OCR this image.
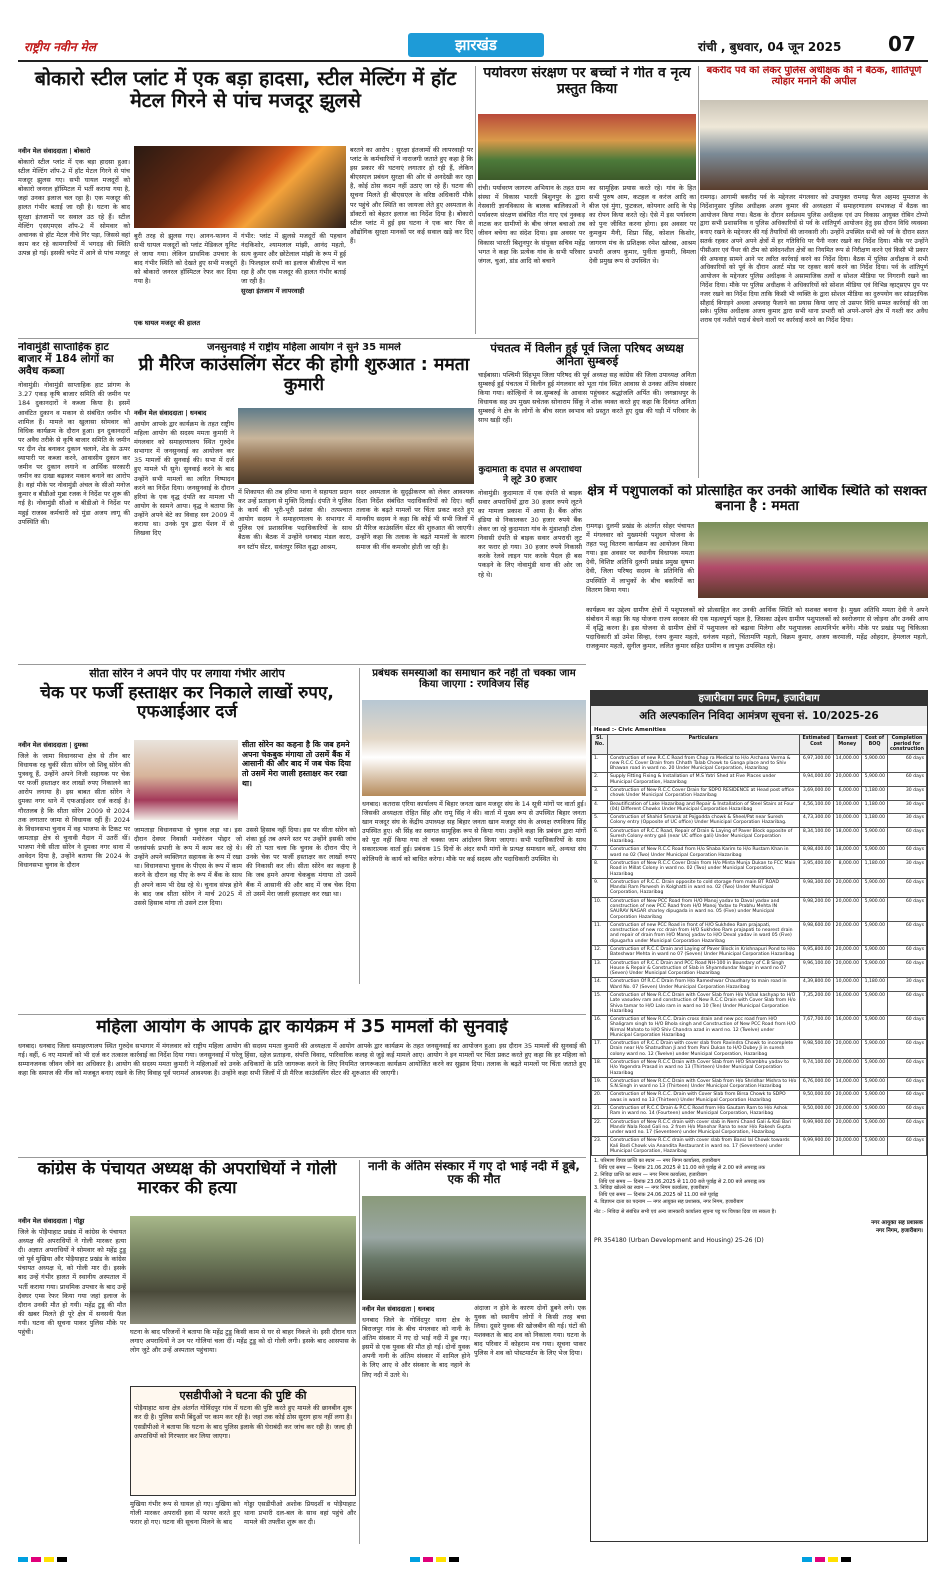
राष्ट्रीय नवीन मेल	झारखंड	रांची , बुधवार, 04 जून 2025 07
बोकारो स्टील प्लांट में एक बड़ा हादसा, स्टील मेल्टिंग में हॉट मेटल गिरने से पांच मजदूर झुलसे
नवीन मेल संवाददाता | बोकारो
बोकारो स्टील प्लांट में एक बड़ा हादसा हुआ। स्टील मेल्टिंग शॉप-2 में हॉट मेटल गिरने से पांच मजदूर झुलस गए। सभी घायल मजदूरों को बोकारो जनरल हॉस्पिटल में भर्ती कराया गया है, जहां उनका इलाज चल रहा है। एक मजदूर की हालत गंभीर बताई जा रही है। घटना के बाद सुरक्षा इंतजामों पर सवाल उठ रहे हैं। स्टील मेल्टिंग एसएमएस शॉप-2 में सोमवार को अचानक से हॉट मेटल नीचे गिर पड़ा, जिससे वहां काम कर रहे कामगारियों में भगदड़ की स्थिति उत्पन्न हो गई। इसकी चपेट में आने से पांच मजदूर
बुरी तरह से झुलस गए। आनन-फानन में सभी घायल मजदूरों को प्लांट मेडिकल यूनिट ले जाया गया। लेकिन प्राथमिक उपचार के बाद गंभीर स्थिति को देखते हुए सभी मजदूरों को बोकारो जनरल हॉस्पिटल रेफर कर दिया गया है।
गंभीर: प्लांट में झुलसे मजदूरों की पहचान नंदकिशोर, श्यामलाल मांझी, आनंद महतो, सत्य कुमार और छोटेलाल मांझी के रूप में हुई है। फिलहाल सभी का इलाज बीजीएच में चल रहा है और एक मजदूर की हालत गंभीर बताई जा रही है।
सुरक्षा इंतजाम में लापरवाही
बरतने का आरोप : सुरक्षा इंतजामों की लापरवाही पर प्लांट के कर्मचारियों ने नाराजगी जताते हुए कहा है कि इस प्रकार की घटनाएं लगातार हो रही हैं, लेकिन बीएसएल प्रबंधन सुरक्षा की ओर से अनदेखी कर रहा है, कोई ठोस कदम नहीं उठाए जा रहे हैं। घटना की सूचना मिलते ही बीएसएल के वरिष्ठ अधिकारी मौके पर पहुंचे और स्थिति का जायजा लेते हुए अस्पताल के डॉक्टरों को बेहतर इलाज का निर्देश दिया है। बोकारो स्टील प्लांट में हुई इस घटना ने एक बार फिर से औद्योगिक सुरक्षा मानकों पर कई सवाल खड़े कर दिए हैं।
एक घायल मजदूर की हालत
नोवामुंडी साप्ताहिक हाट बाजार में 184 लोगों का अवैध कब्जा
नोवामुंडी। नोवामुंडी साप्ताहिक हाट प्रांगण के 3.27 एकड़ कृषि बाजार समिति की जमीन पर 184 दुकानदारों ने कब्जा किया है। इसमें आवंटित दुकान व मकान से संबंधित जमीन भी शामिल हैं। मामले का खुलासा सोमवार को विधिक कार्यक्रम के दौरान हुआ। इन दुकानदारों पर अवैध तरीके से कृषि बाजार समिति के जमीन पर दीन शेड बनाकर दुकान चलाने, शेड के ऊपर व्यापारी पर कब्जा करने, आवासीय दुकान कर जमीन पर दुकान लगाने व आर्थिक सरकारी जमीन का दाखा बढ़ाकर मकान बनाने का आरोप है। वहां मौके पर नोवामुंडी अंचल के सीओ मनोज कुमार व बीडीओ मुन्ना रजक ने निर्देश पर शुरू की गई है। नोवामुंडी सीओ व बीडीओ ने निर्देश पर महुई राजस्व कर्मचारी को मुंडा अजय लागू की उपस्थिति की।
पर्यावरण संरक्षण पर बच्चों ने गीत व नृत्य प्रस्तुत किया
रांची। पर्यावरण जागरण अभियान के तहत ग्राम संस्था में विकास भारती बिशुनपुर के द्वारा गेसवारी ज्ञानविकास के बालक बालिकाओं ने पर्यावरण संरक्षण संबंधित गीत गाए एवं नुक्कड़ नाटक कर ग्रामीणों के बीच जंगल बचाओ तब जीवन बचेगा का संदेश दिया। इस अवसर पर विकास भारती बिशुनपुर के संयुक्त सचिव महेंद्र भगत ने कहा कि प्रत्येक गांव के सभी परिवार जंगल, चुआं, डांड आदि को बचाने
का सामूहिक प्रयास करते रहे। गांव के हित सभी पुरुष आम, कटहल व करंज आदि का बीज एवं मुंगा, फुटकल, कोयनार आदि के पेड़ का रोपन किया करते रहे। ऐसे में इस पर्यावरण को पुनः जीवित करना होगा। इस अवसर पर कुमकुम मैनी, शिप्रा सिंह, कोशल किशोर, जागरण मंच के प्रशिक्षक रमेश खोरबा, आश्रम प्रभारी अजय कुमार, पुनीता कुमारी, विमला देवी प्रमुख रूप से उपस्थित थे।
पंचतत्व में विलीन हुई पूर्व जिला परिषद अध्यक्ष अनिता सुम्बरुई
चाईबासा। पश्चिमी सिंहभूम जिला परिषद की पूर्व अध्यक्ष सह कांग्रेस की जिला उपाध्यक्ष अनिता सुम्बरुई हुई पंचतत्व में विलीन हुई मंगलवार को भूता गांव स्थित आवास से उनका अंतिम संस्कार किया गया। कोल्हिनों ने स्व.सुम्बरुई के आवास पहुंचकर श्रद्धांजलि अर्पित की। जगन्नाथपुर के विधायक सह उप मुख्य सचेतक सोनाराम सिंकू ने शोक व्यक्त करते हुए कहा कि दिवंगत अनिता सुम्बरुई ने क्षेत्र के लोगों के बीच सरल स्वभाव को प्रस्तुत करते हुए दुख की घड़ी में परिवार के साथ खड़ी रहीं।
बकरीद पर्व को लेकर पुलिस अधीक्षक की ने बैठक, शांतिपूर्ण त्योहार मनाने की अपील
रामगढ़। आगामी बकरीद पर्व के मद्देनजर मंगलवार को उपायुक्त रामगढ़ फैज अहमद मुमताज के निर्देशानुसार पुलिस अधीक्षक अजय कुमार की अध्यक्षता में समाहरणालय सभाकक्ष में बैठक का आयोजन किया गया। बैठक के दौरान सर्वप्रथम पुलिस अधीक्षक एवं उप विकास आयुक्त रोबिन टोप्पो द्वारा सभी प्रशासनिक व पुलिस अधिकारियों से पर्व के शांतिपूर्ण आयोजन हेतु इस दौरान विधि व्यवस्था बनाए रखने के मद्देनजर की गई तैयारियों की जानकारी ली। उन्होंने उपस्थित सभी को पर्व के दौरान सतत सतर्क रहकर अपने अपने क्षेत्रों में हर गतिविधि पर पैनी नजर रखने का निर्देश दिया। मौके पर उन्होंने पीसीआर एवं पैंथर की टीम को संवेदनशील क्षेत्रों का नियमित रूप से निरीक्षण करने एवं किसी भी प्रकार की अफवाह सामने आने पर त्वरित कार्रवाई करने का निर्देश दिया। बैठक में पुलिस अधीक्षक ने सभी अधिकारियों को पूर्व के दौरान अलर्ट मोड पर रहकर कार्य करने का निर्देश दिया। पर्व के शांतिपूर्ण आयोजन के मद्देनजर पुलिस अधीक्षक ने असामाजिक तत्वों व सोशल मीडिया पर निगरानी रखने का निर्देश दिया। मौके पर पुलिस अधीक्षक ने अधिकारियों को सोशल मीडिया एवं विभिन्न व्हाट्सएप ग्रुप पर नजर रखने का निर्देश दिया ताकि किसी भी व्यक्ति के द्वारा सोशल मीडिया का दुरुपयोग कर सांप्रदायिक सौहार्द बिगाड़ने अथवा अफवाह फैलाने का प्रयास किया जाए तो उसपर विधि सम्मत कार्रवाई की जा सके। पुलिस अधीक्षक अजय कुमार द्वारा सभी थाना प्रभारी को अपने-अपने क्षेत्र में गश्ती कर अवैध शराब एवं नशीले पदार्थ बेचने वालों पर कार्रवाई करने का निर्देश दिया।
जनसुनवाई में राष्ट्रीय महिला आयोग ने सुने 35 मामले
प्री मैरिज काउंसलिंग सेंटर की होगी शुरुआत : ममता कुमारी
नवीन मेल संवाददाता | धनबाद
आयोग आपके द्वार कार्यक्रम के तहत राष्ट्रीय महिला आयोग की सदस्य ममता कुमारी ने मंगलवार को समाहरणालय स्थित गुरुदेव सभागार में जनसुनवाई का आयोजन कर 35 मामलों की सुनवाई की। सभा में दर्ज हुए मामले भी सुने। सुनवाई करने के बाद उन्होंने सभी मामलों का त्वरित निष्पादन करने का निर्देश दिया। जनसुनवाई के दौरान हरियां के एक वृद्ध दंपति का मामला भी आयोग के सामने आया। वृद्ध ने बताया कि उन्होंने अपने बेटे का विवाह सन 2009 में कराया था। उनके पुत्र द्वारा पेंशन में से लिखवा दिए
में शिकायत की तब हरिया थाना ने सहायता प्रदान कर उन्हें प्रताड़ना से मुक्ति दिलाई। दंपति ने पुलिस के कार्य की भूरी-भूरी प्रशंसा की। तत्पश्चात आयोग सदस्य ने समाहरणालय के सभागार में पुलिस एवं प्रशासनिक पदाधिकारियों के साथ बैठक की। बैठक में उन्होंने धनबाद मंडल कारा, वन स्टॉप सेंटर, सवंतपुर स्थित वृद्धा आश्रम,
सदर अस्पताल के सुदृढ़ीकरण को लेकर आवश्यक दिशा निर्देश संबंधित पदाधिकारियों को दिए। वहीं तलाक के बढ़ते मामलों पर चिंता प्रकट करते हुए मानवीय सदस्य ने कहा कि कोई भी सभी जिलों में प्री मैरिज काउंसलिंग सेंटर की शुरुआत की जाएगी। उन्होंने कहा कि तलाक के बढ़ते मामलों के कारण समाज की नींव कमजोर होती जा रही है।
कुदामाता के दंपति से अपराधियों ने लूटे 30 हजार
नोवामुंडी। कुदामाता में एक दंपति से बाइक सवार अपराधियों द्वारा 30 हजार रुपये लूटने का मामला प्रकाश में आया है। बैंक ऑफ इंडिया से निकालकर 30 हजार रुपये बैंक लेकर जा रहे कुदामाता गांव के मुंडाशाही टोला निवासी दंपति से बाइक सवार अपराधी लूट कर फरार हो गया। 30 हजार रुपये निकासी करके रेलवे लाइन पार करके पैदल ही बस पकड़ने के लिए नोवामुंडी थाना की ओर जा रहे थे।
क्षेत्र में पशुपालकों को प्रोत्साहित कर उनकी आर्थिक स्थिति को सशक्त बनाना है : ममता
रामगढ़। दुलमी प्रखंड के अंतर्गत सोहर पंचायत में मंगलवार को मुख्यमंत्री पशुधन योजना के तहत पशु वितरण कार्यक्रम का आयोजन किया गया। इस अवसर पर स्थानीय विधायक ममता देवी, विशिष्ट अतिथि दुलमी प्रखंड प्रमुख सुषमा देवी, जिला परिषद सदस्य के प्रतिनिधि की उपस्थिति में लाभुकों के बीच बकरियों का वितरण किया गया।
कार्यक्रम का उद्देश्य ग्रामीण क्षेत्रों में पशुपालकों को प्रोत्साहित कर उनकी आर्थिक स्थिति को सशक्त बनाना है। मुख्य अतिथि ममता देवी ने अपने संबोधन में कहा कि यह योजना राज्य सरकार की एक महत्वपूर्ण पहल है, जिसका उद्देश्य ग्रामीण पशुपालकों को स्वरोजगार से जोड़ना और उनकी आय में वृद्धि करना है। इस योजना से ग्रामीण क्षेत्रों में पशुपालन को बढ़ावा मिलेगा और पशुपालक आत्मनिर्भर बनेंगे। मौके पर प्रखंड पशु चिकित्सा पदाधिकारी डॉ उमेश सिन्हा, रंजय कुमार महतो, धनंजय महतो, चिंतामणि महतो, विक्रम कुमार, अजय करमाली, महेंद्र ओहदार, हेमलाल महतो, राजकुमार महतो, सुनील कुमार, ललित कुमार सहित ग्रामीण व लाभुक उपस्थित रहे।
सीता सोरेन ने अपने पीए पर लगाया गंभीर आरोप
चेक पर फर्जी हस्ताक्षर कर निकाले लाखों रुपए, एफआईआर दर्ज
नवीन मेल संवाददाता | दुमका
जिले के जामा विधानसभा क्षेत्र से तीन बार विधायक रह चुकीं सीता सोरेन जो शिबू सोरेन की पुत्रवधू हैं, उन्होंने अपने निजी सहायक पर चेक पर फर्जी हस्ताक्षर कर लाखों रुपए निकालने का आरोप लगाया है। इस बाबत सीता सोरेन ने दुमका नगर थाने में एफआईआर दर्ज कराई है। गौरतलब है कि सीता सोरेन 2009 से 2024 तक लगातार जामा से विधायक रहीं हैं। 2024 के विधानसभा चुनाव में वह भाजपा के टिकट पर जामताड़ा क्षेत्र से चुनावी मैदान में उतरीं थीं। भाजपा नेत्री सीता सोरेन ने दुमका नगर थाना में आवेदन दिया है, उन्होंने बताया कि 2024 के विधानसभा चुनाव के दौरान
सीता सोरेन का कहना है कि जब हमने अपना चेकबुक मंगाया तो उसमें बैंक में आसानी की और बाद में जब चेक दिया तो उसमें मेरा जाली हस्ताक्षर कर रखा था।
जामताड़ा विधानसभा से चुनाव लड़ा था। इस दौरान देवघर निवासी मनोरंजन पोद्दार जो जनसंपर्क प्रभारी के रूप में काम कर रहे थे। उन्होंने अपने व्यक्तिगत सहायक के रूप में रखा था। विधानसभा चुनाव के पीएस के रूप में काम करने के दौरान वह पीए के रूप में बैंक के साथ ही अपने काम भी देख रहे थे। चुनाव संपन्न होने के बाद जब सीता सोरेन ने मार्च 2025 में उससे हिसाब मांगा तो उसने टाल दिया।
उससे हिसाब नहीं दिया। इस पर सीता सोरेन को शंका हुई तब अपने स्तर पर उन्होंने इसकी जांच की तो पता चला कि चुनाव के दौरान पीए ने उनके चेक पर फर्जी हस्ताक्षर कर लाखों रुपए की निकासी कर ली। सीता सोरेन का कहना है कि जब हमने अपना चेकबुक मंगाया तो उसमें बैंक में आसानी की और बाद में जब चेक दिया तो उसमें मेरा जाली हस्ताक्षर कर रखा था।
प्रबंधक समस्याओं का समाधान करें नहीं तो चक्का जाम किया जाएगा : रणविजय सिंह
धनबाद। कतरास एरिया कार्यालय में बिहार जनता खान मजदूर संघ के 14 सूत्री मांगों पर वार्ता हुई। जिसकी अध्यक्षता रोहित सिंह और रामू सिंह ने की। वार्ता में मुख्य रूप से उपस्थित बिहार जनता खान मजदूर संघ के केंद्रीय उपाध्यक्ष सह बिहार जनता खान मजदूर संघ के अध्यक्ष रणविजय सिंह उपस्थित हुए। श्री सिंह का स्वागत सामूहिक रूप से किया गया। उन्होंने कहा कि प्रबंधन द्वारा मांगों को पूरा नहीं किया गया तो चक्का जाम आंदोलन किया जाएगा। सभी पदाधिकारियों के साथ सकारात्मक वार्ता हुई। प्रबंधक 15 दिनों के अंदर सभी मांगों के प्रत्यक्ष समाधान करें, अन्यथा संघ कोलियरी के कार्य को बाधित करेगा। मौके पर कई सदस्य और पदाधिकारी उपस्थित थे।
महिला आयोग के आपके द्वार कार्यक्रम में 35 मामलों की सुनवाई
धनबाद। धनबाद जिला समाहरणालय स्थित गुरुदेव सभागार में मंगलवार को राष्ट्रीय महिला आयोग की सदस्य ममता कुमारी की अध्यक्षता में आयोग आपके द्वार कार्यक्रम के तहत जनसुनवाई का आयोजन हुआ। इस दौरान 35 मामलों की सुनवाई की गई। वहीं, 6 नए मामलों को भी दर्ज कर तत्काल कार्रवाई का निर्देश दिया गया। जनसुनवाई में घरेलू हिंसा, दहेज प्रताड़ना, संपत्ति विवाद, पारिवारिक कलह से जुड़े कई मामले आए। आयोग ने इन मामलों पर चिंता प्रकट करते हुए कहा कि हर महिला को सम्मानजनक जीवन जीने का अधिकार है। आयोग की सदस्य ममता कुमारी ने महिलाओं को उनके अधिकारों के प्रति जागरूक करने के लिए नियमित जागरूकता कार्यक्रम आयोजित करने का सुझाव दिया। तलाक के बढ़ते मामलों पर चिंता जताते हुए कहा कि समाज की नींव को मजबूत बनाए रखने के लिए विवाह पूर्व परामर्श आवश्यक है। उन्होंने कहा सभी जिलों में प्री मैरिज काउंसलिंग सेंटर की शुरुआत की जाएगी।
कांग्रेस के पंचायत अध्यक्ष की अपराधियों ने गोली मारकर की हत्या
नवीन मेल संवाददाता | गोड्डा
जिले के पोड़ैयाहाट प्रखंड में कांग्रेस के पंचायत अध्यक्ष की अपराधियों ने गोली मारकर हत्या दी। अज्ञात अपराधियों ने सोमवार को महेंद्र टुडू जो पूर्व मुखिया और पोड़ैयाहाट प्रखंड के कांग्रेस पंचायत अध्यक्ष थे, को गोली मार दी। इसके बाद उन्हें गंभीर हालत में स्थानीय अस्पताल में भर्ती कराया गया। प्राथमिक उपचार के बाद उन्हें देवघर एम्स रेफर किया गया जहां इलाज के दौरान उनकी मौत हो गयी। महेंद्र टुडू की मौत की खबर मिलते ही पूरे क्षेत्र में सनसनी फैल गयी। घटना की सूचना पाकर पुलिस मौके पर पहुंची।	घटना के बाद परिजनों ने बताया कि महेंद्र टुडू किसी काम से घर से बाहर निकले थे। इसी दौरान घात लगाए अपराधियों ने उन पर गोलियां चला दीं। महेंद्र टुडू को दो गोली लगी। इसके बाद आसपास के लोग जुटे और उन्हें अस्पताल पहुंचाया।
एसडीपीओ ने घटना की पुष्टि की
पोड़ैयाहाट थाना क्षेत्र अंतर्गत गोविंदपुर गांव में घटना की पुष्टि करते हुए मामले की छानबीन शुरू कर दी है। पुलिस सभी बिंदुओं पर काम कर रही है। जहां तक कोई ठोस सुराग हाथ नहीं लगा है। एसडीपीओ ने बताया कि घटना के बाद पुलिस इलाके की घेराबंदी कर जांच कर रही है। जल्द ही अपराधियों को गिरफ्तार कर लिया जाएगा।
मुखिया गंभीर रूप से घायल हो गए। मुखिया को गोली मारकर अपराधी हवा में फायर करते हुए फरार हो गए। घटना की सूचना मिलने के बाद
गोड्डा एसडीपीओ अशोक प्रियदर्शी व पोड़ैयाहाट थाना प्रभारी दल-बल के साथ वहां पहुंचे और मामले की तफ्तीश शुरू कर दी।
नानी के अंतिम संस्कार में गए दो भाई नदी में डूबे, एक की मौत
नवीन मेल संवाददाता | धनबाद
धनबाद जिले के गोविंदपुर थाना क्षेत्र के बिराजपुर गांव के बीच मंगलवार को नानी के अंतिम संस्कार में गए दो भाई नदी में डूब गए। इसमें से एक युवक की मौत हो गई। दोनों युवक अपनी नानी के अंतिम संस्कार में शामिल होने के लिए आए थे और संस्कार के बाद नहाने के लिए नदी में उतरे थे।
अंदाजा न होने के कारण दोनों डूबने लगे। एक युवक को स्थानीय लोगों ने किसी तरह बचा लिया। दूसरे युवक की खोजबीन की गई। घंटों की मशक्कत के बाद शव को निकाला गया। घटना के बाद परिवार में कोहराम मच गया। सूचना पाकर पुलिस ने शव को पोस्टमार्टम के लिए भेज दिया।
हजारीबाग नगर निगम, हजारीबाग
अति अल्पकालिन निविदा आमंत्रण सूचना सं. 10/2025-26
Head :- Civic Amenities
Sl. No.	Particulars	Estimated Cost	Earnest Money	Cost of BOQ	Completion period for construction
1.	Construction of new R.C.C Road from Chop ra Medical to H/o Archana Verma & new R.C.C Cover Drain from Chhath Talab Chowk to Ganga place and to Shiv Bhawan road in ward no. 20 Under Municipal Corporation, Hazaribag	6,97,300.00	14,000.00	5,900.00	60 days
2.	Supply Fitting Fixing & Installation of M.S Yatri Shed at Five Places under Municipal Corporation, Hazaribag	9,94,000.00	20,000.00	5,900.00	60 days
3.	Construction of New R.C.C Cover Drain for SDPO RESIDENCE at Head post office chowk Under Municipal Corporation Hazaribag	3,69,000.00	6,000.00	1,180.00	30 days
4.	Beautification of Lake Hazaribag and Repair & Installation of Steel Stairs at Four (04) Different Chowks Under Municipal Corporation Hazaribag	4,56,100.00	10,000.00	1,180.00	30 days
5.	Construction of Shahid Smarak at Pojgodda chowk & Sheel/Pat near Suresh Colony entry (Opposite of UC office) Under Municipal Corporation Hazaribag.	4,73,300.00	10,000.00	1,180.00	30 days
6.	Construction of R.C.C Road, Repair of Drain & Laying of Paver Block opposite of Suresh Colony entry gali (near UC office gali) Under Municipal Corporation Hazaribag.	8,34,100.00	18,000.00	5,900.00	60 days
7.	Construction of New R.C.C Road from H/o Shaba Karim to H/o Rustam Khan in ward no 02 (Two) Under Municipal Corporation Hazaribag	8,98,400.00	18,000.00	5,900.00	60 days
8.	Construction of New R.C.C Cover Drain from H/o Minta Munja Dukan to FCC Main Road in Millat Colony in ward no. 02 (Two) under Municipal Corporation, Hazaribag	3,95,400.00	8,000.00	1,180.00	30 days
9.	Construction of R.C.C. Drain opposite to cold storage from main BT ROAD Mandai Ram Parwesh in Kolghatti in ward no. 02 (Two) Under Municipal Corporation, Hazaribag	9,98,300.00	20,000.00	5,900.00	60 days
10.	Construction of New PCC Road from H/O Manoj yadav to Daval yadav and construction of new PCC Road from H/O Manoj Yadav to Prabhu Mehta IN SAURAV NAGAR sharley dipugada in ward no. 05 (Five) under Municipal Corporation Hazaribag	9,98,200.00	20,000.00	5,900.00	60 days
11.	Construction of new PCC Road in front of H/O Sukhdeo Ram prajapati, construction of new rcc drain from H/O Sukhdeo Ram prajapati to nearest drain and repair of drain from H/O Manoj yadav to H/O Deval yadav in ward 05 (Five) dipugarha under Municipal Corporation Hazaribag	9,98,600.00	20,000.00	5,900.00	60 days
12.	Construction of R.C.C Drain and Laying of Paver Block in Krishnapuri Pond to H/o Bateshwar Mehta in ward no 07 (Seven) Under Municipal Corporation Hazaribag	9,95,800.00	20,000.00	5,900.00	60 days
13.	Construction of R.C.C Drain and PCC Road NH-100 in Boundary of C.B Singh House & Repair & Construction of Slab in Shyamdundar Nagar in ward no 07 (Seven) Under Municipal Corporation Hazaribag	9,96,100.00	20,000.00	5,900.00	60 days
14.	Construction Of R.C.C Drain from H/o Rameshwar Chaudhary to main road in Ward No. 07 (Seven) Under Municipal Corporation Hazaribag	4,39,800.00	10,000.00	1,180.00	30 days
15.	Construction of New R.C.C Drain with Cover Slab from H/o Vishal kashyap to H/O Late vasudev ram and construction of New R.C.C Drain with Cover Slab from H/o Shiva tamar to H/O Lalo ram in ward no 10 (Ten) Under Municipal Corporation Hazaribag	7,35,200.00	16,000.00	5,900.00	60 days
16.	Construction of New R.C.C. Drain cross drain and new pcc road from H/O Shaligram singh to H/O Bhola singh and Construction of New PCC Road from H/O Nirmal Mahato to H/O Shiv Chandra azad in ward no. 12 (Twelve) under Municipal Corporation Hazaribag	7,67,700.00	16,000.00	5,900.00	60 days
17.	Construction of R.C.C Drain with cover slab from Ravindra Chowk to incomplete Drain near H/o Shatrudhan Ji and from Pani Dukan to H/O Dubey Ji in suresh colony ward no. 12 (Twelve) under Municipal Corporation, Hazaribag	9,98,500.00	20,000.00	5,900.00	60 days
18.	Construction of New R.C.C Drain with Cover Slab from H/O Shambhu yadav to H/o Yogendra Prasad in ward no 13 (Thirteen) Under Municipal Corporation Hazaribag	9,74,100.00	20,000.00	5,900.00	60 days
19.	Construction of New R.C.C Drain with Cover Slab from H/o Shridhar Mishra to H/o S.N.Singh in ward no 13 (Thirteen) Under Municipal Corporation Hazaribag	6,76,000.00	14,000.00	5,900.00	60 days
20.	Construction of New R.C.C. Drain with Cover Slab from Birsa Chowk to SDPO awas in ward no 13 (Thirteen) Under Municipal Corporation Hazaribag	9,50,000.00	20,000.00	5,900.00	60 days
21.	Construction of R.C.C Drain & P.C.C Road from H/o Gautam Ram to H/o Ashok Ram in ward no. 14 (Fourteen) under Municipal Corporation, Hazaribag	9,50,000.00	20,000.00	5,900.00	60 days
22.	Construction of New R.C.C drain with cover slab in Nemi Chand Gali & Kali Bari Mandir Nala Road Gali no. 2 from H/o Manohar Rana to near H/o Rakesh Gupta under ward no. 17 (Seventeen) under Municipal Corporation, Hazaribag	9,99,900.00	20,000.00	5,900.00	60 days
23.	Construction of New R.C.C drain with cover slab from Bansi lal Chowk towards Kali Badi Chowk via Anandita Restaurant in ward no. 17 (Seventeen) under Municipal Corporation, Hazaribag	9,99,900.00	20,000.00	5,900.00	60 days
1. परिमाण विपत्र प्राप्ति का स्थान — नगर निगम कार्यालय, हजारीबाग
तिथि एवं समय — दिनांक 21.06.2025 से 11.00 बजे पूर्वाह्न से 2.00 बजे अपराह्न तक
2. निविदा प्राप्ति का स्थान — नगर निगम कार्यालय, हजारीबाग
तिथि एवं समय — दिनांक 23.06.2025 से 11.00 बजे पूर्वाह्न से 2.00 बजे अपराह्न तक
3. निविदा खोलने का स्थान — नगर निगम कार्यालय, हजारीबाग
तिथि एवं समय — दिनांक 24.06.2025 को 11.00 बजे पूर्वाह्न
4. विज्ञापन दाता का पदनाम — नगर आयुक्त सह प्रशासक, नगर निगम, हजारीबाग
नोट :- निविदा से संबंधित सभी एवं अन्य जानकारी कार्यालय सूचना पट्ट पर चिपका दिया जा सकता है।
नगर आयुक्त सह प्रशासक
नगर निगम, हजारीबाग।
PR 354180 (Urban Development and Housing) 25-26 (D)
